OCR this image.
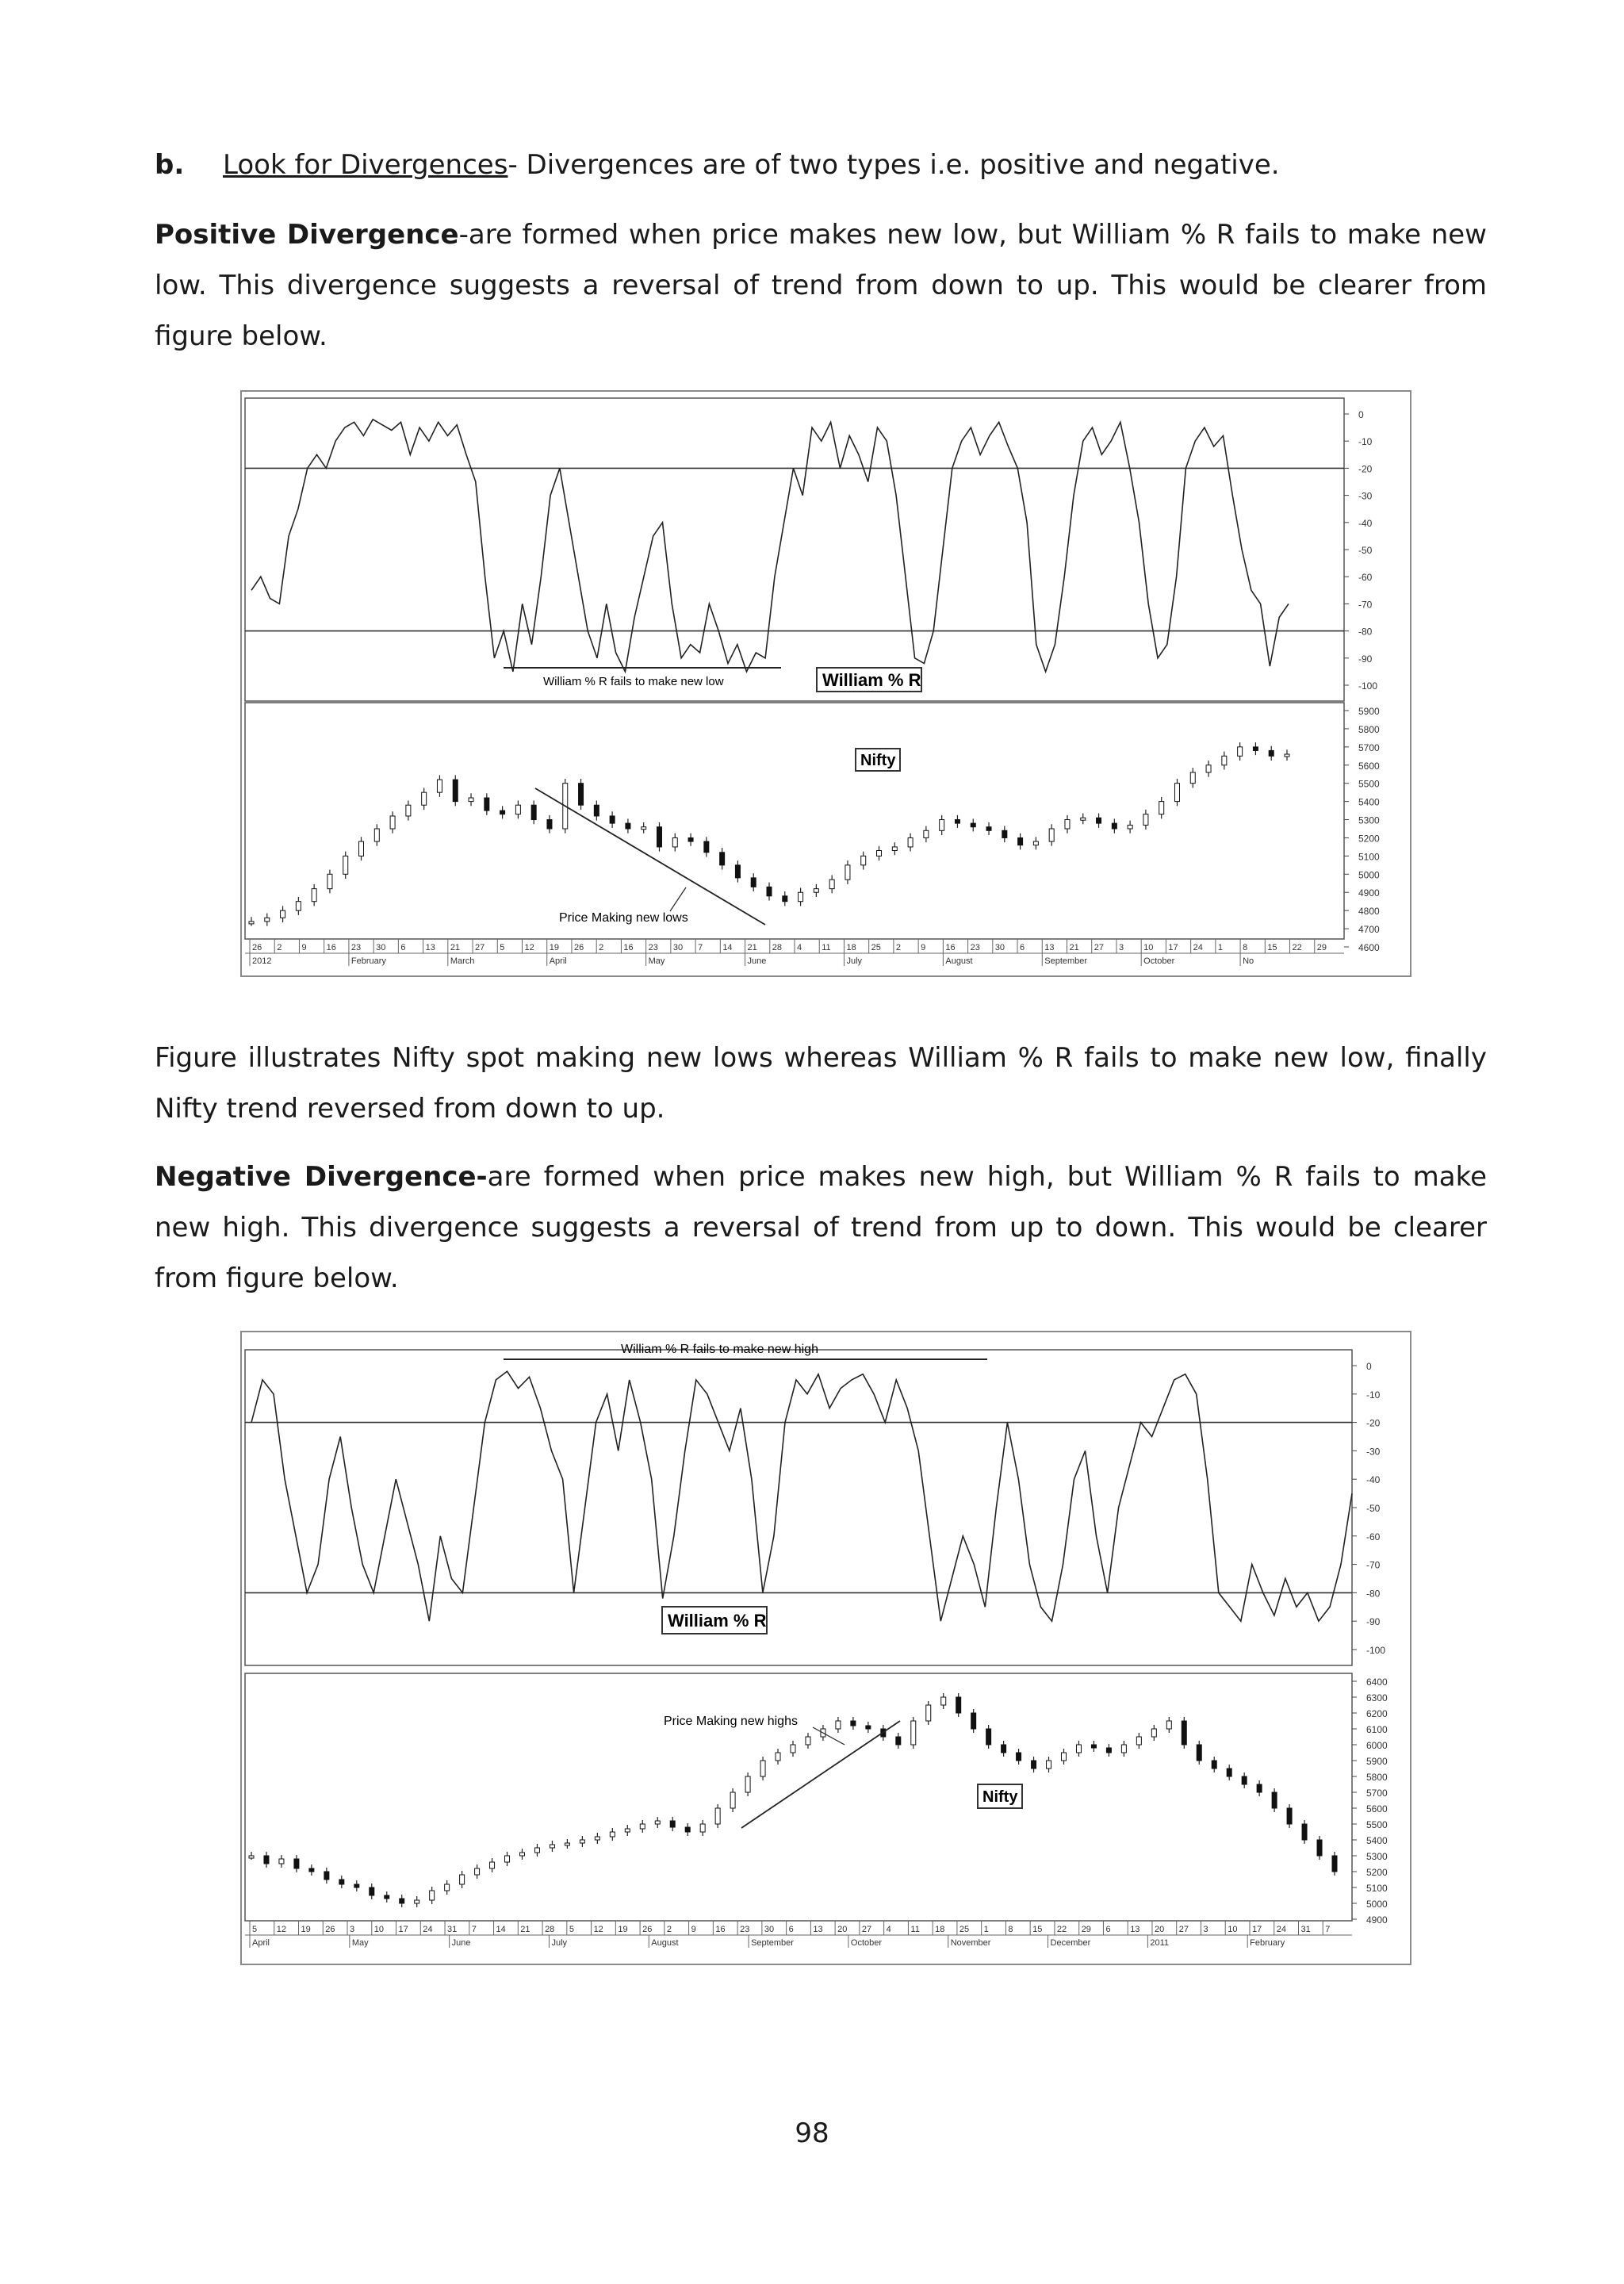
b. Look for Divergences- Divergences are of two types i.e. positive and negative.

Positive Divergence-are formed when price makes new low, but William % R fails to make new low. This divergence suggests a reversal of trend from down to up. This would be clearer from figure below.

0
-10
-20
-30
-40
-50
-60
-70
-80
-90
-100
5900
5800
5700
5600
5500
5400
5300
5200
5100
5000
4900
4800
4700
4600
26 2 9 16 23 30 6 13 21 27 5 12 19 26 2 16 23 30 7 14 21 28 4 11 18 25 2 9 16 23 30 6 13 21 27 3 10 17 24 1 8 15 22 29
2012	February	March	April	May	June	July	August	September	October	No
William % R fails to make new low	William % R
Nifty
Price Making new lows

Figure illustrates Nifty spot making new lows whereas William % R fails to make new low, finally Nifty trend reversed from down to up.

Negative Divergence-are formed when price makes new high, but William % R fails to make new high. This divergence suggests a reversal of trend from up to down. This would be clearer from figure below.

0
-10
-20
-30
-40
-50
-60
-70
-80
-90
-100
6400
6300
6200
6100
6000
5900
5800
5700
5600
5500
5400
5300
5200
5100
5000
4900
5 12 19 26 3 10 17 24 31 7 14 21 28 5 12 19 26 2 9 16 23 30 6 13 20 27 4 11 18 25 1 8 15 22 29 6 13 20 27 3 10 17 24 31 7
April	May	June	July	August	September	October	November	December	2011	February
William % R fails to make new high
William % R
Nifty
Price Making new highs
98
